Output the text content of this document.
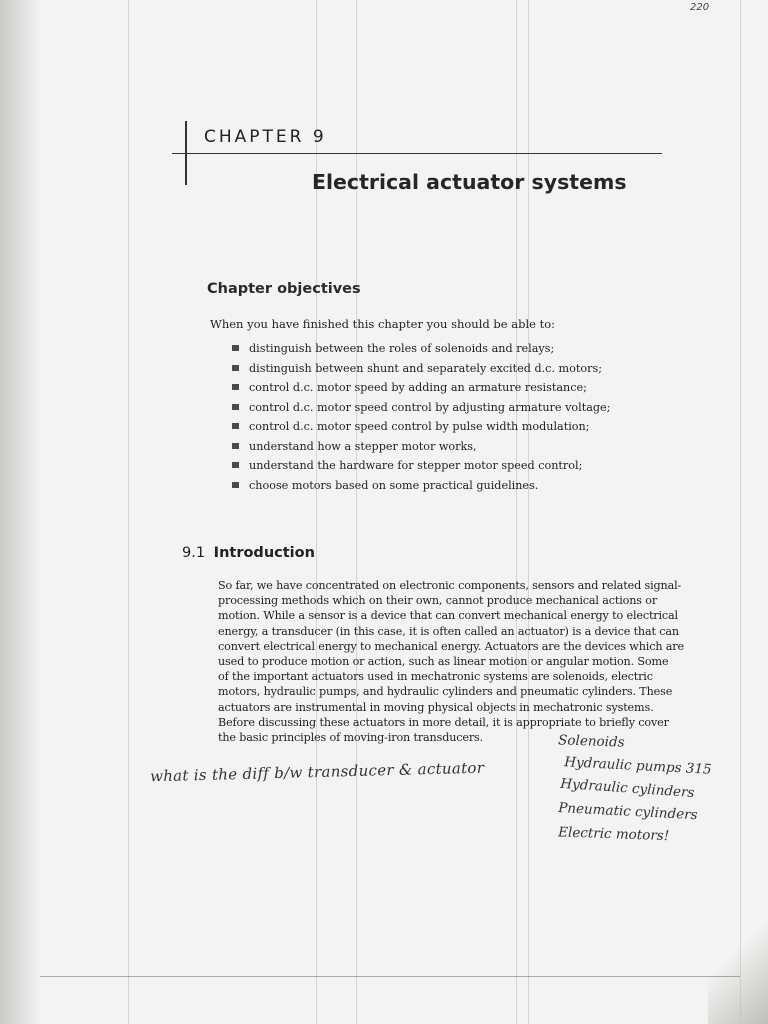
220
CHAPTER 9
Electrical actuator systems
Chapter objectives
When you have finished this chapter you should be able to:
distinguish between the roles of solenoids and relays;
distinguish between shunt and separately excited d.c. motors;
control d.c. motor speed by adding an armature resistance;
control d.c. motor speed control by adjusting armature voltage;
control d.c. motor speed control by pulse width modulation;
understand how a stepper motor works,
understand the hardware for stepper motor speed control;
choose motors based on some practical guidelines.
9.1 Introduction
So far, we have concentrated on electronic components, sensors and related signal-
processing methods which on their own, cannot produce mechanical actions or
motion. While a sensor is a device that can convert mechanical energy to electrical
energy, a transducer (in this case, it is often called an actuator) is a device that can
convert electrical energy to mechanical energy. Actuators are the devices which are
used to produce motion or action, such as linear motion or angular motion. Some
of the important actuators used in mechatronic systems are solenoids, electric
motors, hydraulic pumps, and hydraulic cylinders and pneumatic cylinders. These
actuators are instrumental in moving physical objects in mechatronic systems.
Before discussing these actuators in more detail, it is appropriate to briefly cover
the basic principles of moving-iron transducers.
what is the diff b/w transducer & actuator
Solenoids
Hydraulic pumps 315
Hydraulic cylinders
Pneumatic cylinders
Electric motors!
